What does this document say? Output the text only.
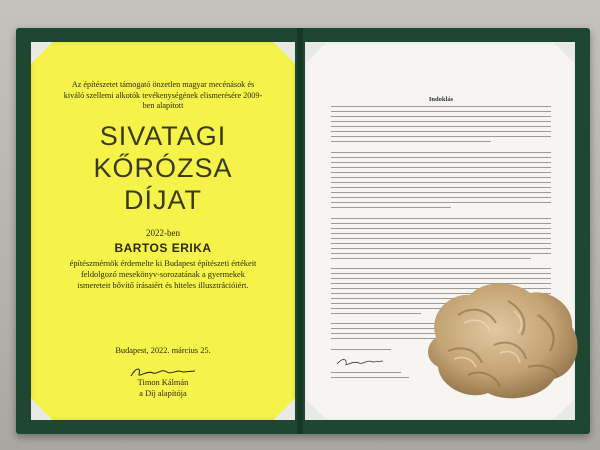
Az építészetet támogató önzetlen magyar mecénások és kiváló szellemi alkotók tevékenységének elismerésére 2009-ben alapított
SIVATAGI
KŐRÓZSA
DÍJAT
2022-ben
BARTOS ERIKA
építészmérnök érdemelte ki Budapest építészeti értékeit feldolgozó mesekönyv-sorozatának a gyermekek ismereteit bővítő írásaiért és hiteles illusztrációiért.
Budapest, 2022. március 25.
Timon Kálmán
a Díj alapítója
Indoklás
